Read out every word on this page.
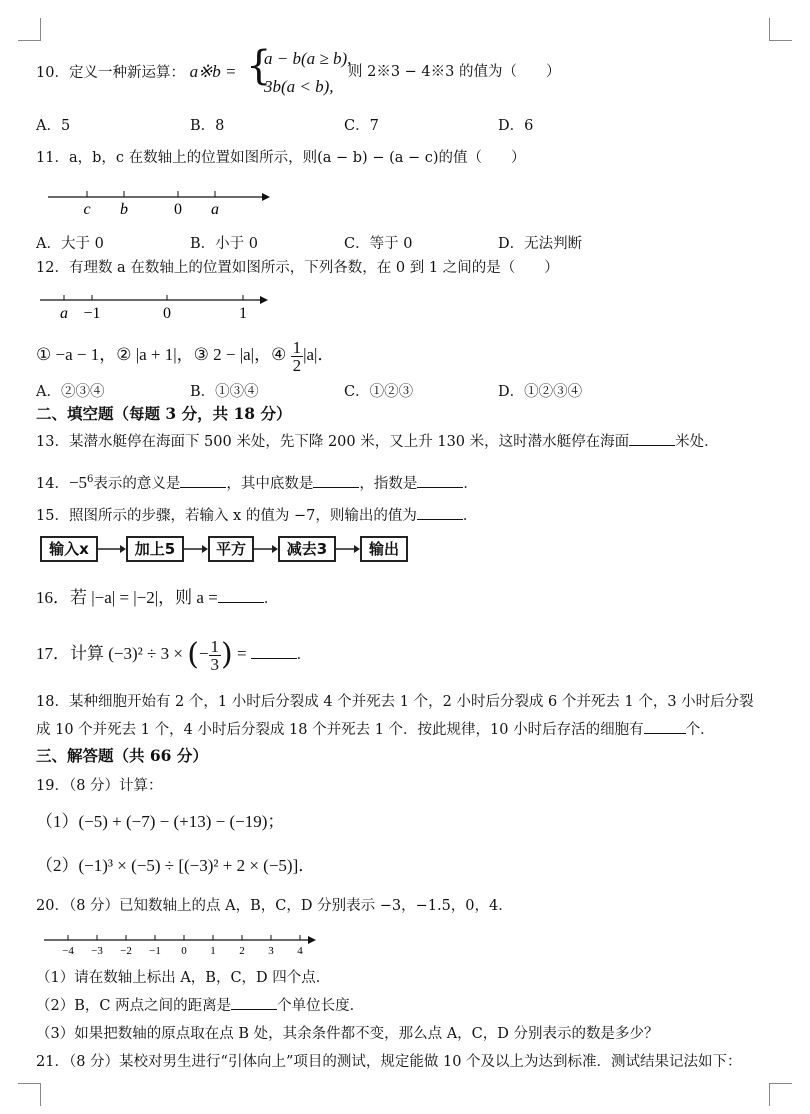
10．定义一种新运算： a※b = {
a − b(a ≥ b),
3b(a < b),
则 2※3 − 4※3 的值为（　　）
A．5	B．8	C．7	D．6
11．a，b，c 在数轴上的位置如图所示，则(a − b) − (a − c)的值（　　）
c b	0 a
A．大于 0	B．小于 0	C．等于 0	D．无法判断
12．有理数 a 在数轴上的位置如图所示，下列各数，在 0 到 1 之间的是（　　）
a −1	0	1
① −a − 1，② |a + 1|，③ 2 − |a|，④ $\frac{1}{2} |a|$．
A．②③④	B．①③④	C．①②③	D．①②③④
二、填空题（每题 3 分，共 18 分）
13．某潜水艇停在海面下 500 米处，先下降 200 米，又上升 130 米，这时潜水艇停在海面	米处．
14．$-5^6$表示的意义是	，其中底数是	，指数是	．
15．照图所示的步骤，若输入 x 的值为 −7，则输出的值为	．
输入x	加上5	平方	减去3	输出
16．若 |−a| = |−2|，则 a =	．
17．计算 (−3)² ÷ 3 × (− $\frac{1}{3}$ ) =	．
18．某种细胞开始有 2 个，1 小时后分裂成 4 个并死去 1 个，2 小时后分裂成 6 个并死去 1 个，3 小时后分裂
成 10 个并死去 1 个，4 小时后分裂成 18 个并死去 1 个．按此规律，10 小时后存活的细胞有	个．
三、解答题（共 66 分）
19．（8 分）计算：
（1）(−5) + (−7) − (+13) − (−19)；
（2）(−1)³ × (−5) ÷ [(−3)² + 2 × (−5)]．
20．（8 分）已知数轴上的点 A，B，C，D 分别表示 −3，−1.5，0，4．
−4 −3 −2 −1 0 1 2 3 4
（1）请在数轴上标出 A，B，C，D 四个点．
（2）B，C 两点之间的距离是	个单位长度．
（3）如果把数轴的原点取在点 B 处，其余条件都不变，那么点 A，C，D 分别表示的数是多少？
21．（8 分）某校对男生进行“引体向上”项目的测试，规定能做 10 个及以上为达到标准．测试结果记法如下：
